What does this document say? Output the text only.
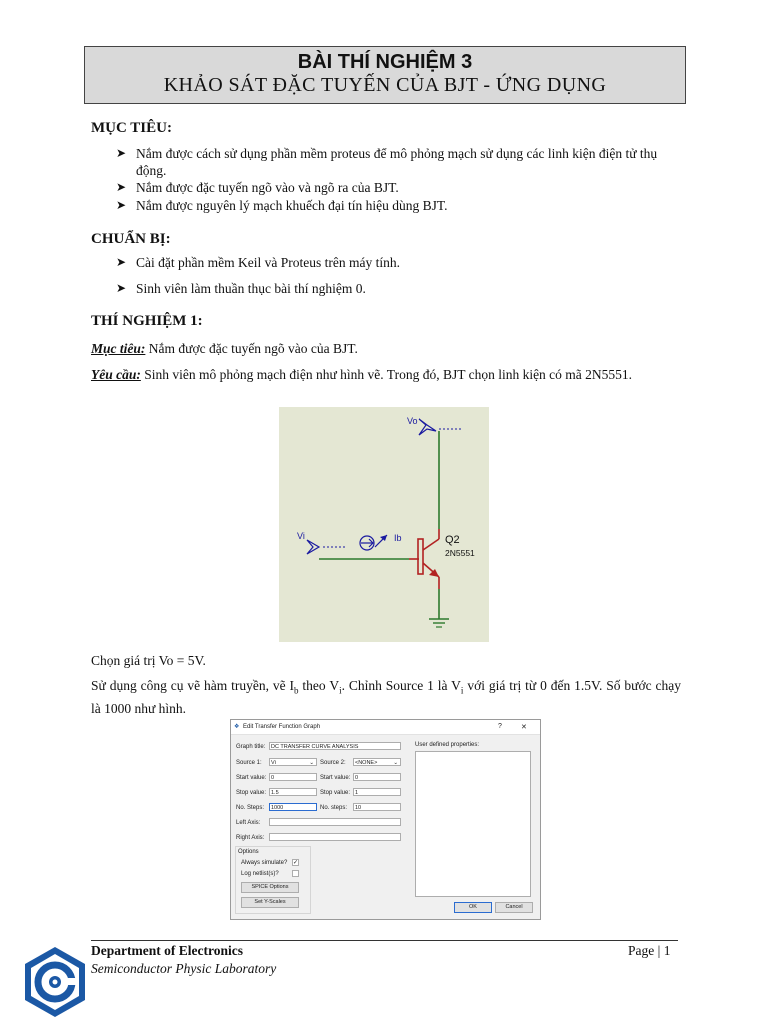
BÀI THÍ NGHIỆM 3
KHẢO SÁT ĐẶC TUYẾN CỦA BJT - ỨNG DỤNG
MỤC TIÊU:
➤ Nắm được cách sử dụng phần mềm proteus để mô phỏng mạch sử dụng các linh kiện điện tử thụ động.
➤ Nắm được đặc tuyến ngõ vào và ngõ ra của BJT.
➤ Nắm được nguyên lý mạch khuếch đại tín hiệu dùng BJT.
CHUẨN BỊ:
➤ Cài đặt phần mềm Keil và Proteus trên máy tính.
➤ Sinh viên làm thuần thục bài thí nghiệm 0.
THÍ NGHIỆM 1:
Mục tiêu: Nắm được đặc tuyến ngõ vào của BJT.
Yêu cầu: Sinh viên mô phỏng mạch điện như hình vẽ. Trong đó, BJT chọn linh kiện có mã 2N5551.
Vo
Vi	Ib	Q2
2N5551
Chọn giá trị Vo = 5V.
Sử dụng công cụ vẽ hàm truyền, vẽ $I_b$ theo $V_i$. Chỉnh Source 1 là $V_i$ với giá trị từ 0 đến 1.5V. Số bước chạy là 1000 như hình.
❖ Edit Transfer Function Graph	?	✕
Graph title:	DC TRANSFER CURVE ANALYSIS	User defined properties:
Source 1:	Vi	⌄ Source 2:	<NONE>	⌄
Start value: 0	Start value: 0
Stop value: 1.5	Stop value: 1
No. Steps:	1000	No. steps:	10
Left Axis:
Right Axis:
Options
Always simulate? ✓
Log netlist(s)?
SPICE Options
Set Y-Scales
OK	Cancel
Department of Electronics
Semiconductor Physic Laboratory
Page | 1
